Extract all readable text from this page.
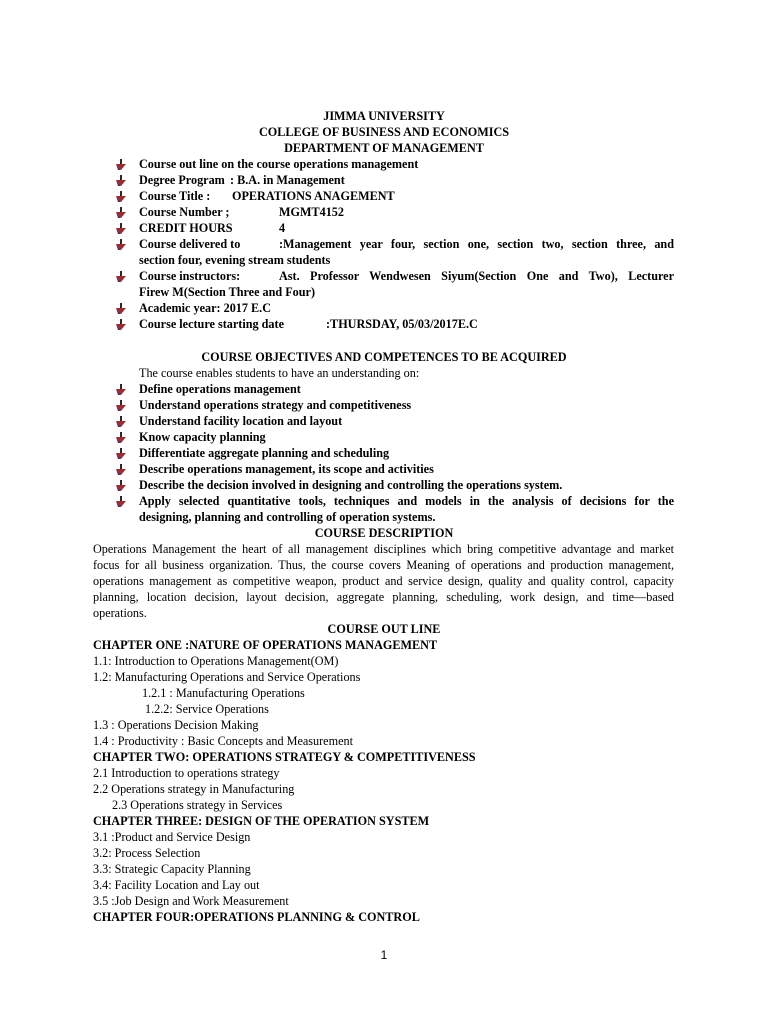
JIMMA UNIVERSITY
COLLEGE OF BUSINESS AND ECONOMICS
DEPARTMENT OF MANAGEMENT
Course out line on the course operations management
Degree Program : B.A. in Management
Course Title : OPERATIONS ANAGEMENT
Course Number ;	MGMT4152
CREDIT HOURS	4
Course delivered to	:Management year four, section one, section two, section three, and
section four, evening stream students
Course instructors:	Ast. Professor Wendwesen Siyum(Section One and Two), Lecturer
Firew M(Section Three and Four)
Academic year: 2017 E.C
Course lecture starting date	:THURSDAY, 05/03/2017E.C
COURSE OBJECTIVES AND COMPETENCES TO BE ACQUIRED
The course enables students to have an understanding on:
Define operations management
Understand operations strategy and competitiveness
Understand facility location and layout
Know capacity planning
Differentiate aggregate planning and scheduling
Describe operations management, its scope and activities
Describe the decision involved in designing and controlling the operations system.
Apply selected quantitative tools, techniques and models in the analysis of decisions for the
designing, planning and controlling of operation systems.
COURSE DESCRIPTION
Operations Management the heart of all management disciplines which bring competitive advantage and market
focus for all business organization. Thus, the course covers Meaning of operations and production management,
operations management as competitive weapon, product and service design, quality and quality control, capacity
planning, location decision, layout decision, aggregate planning, scheduling, work design, and time—based
operations.
COURSE OUT LINE
CHAPTER ONE :NATURE OF OPERATIONS MANAGEMENT
1.1: Introduction to Operations Management(OM)
1.2: Manufacturing Operations and Service Operations
1.2.1 : Manufacturing Operations
1.2.2: Service Operations
1.3 : Operations Decision Making
1.4 : Productivity : Basic Concepts and Measurement
CHAPTER TWO: OPERATIONS STRATEGY & COMPETITIVENESS
2.1 Introduction to operations strategy
2.2 Operations strategy in Manufacturing
2.3 Operations strategy in Services
CHAPTER THREE: DESIGN OF THE OPERATION SYSTEM
3.1 :Product and Service Design
3.2: Process Selection
3.3: Strategic Capacity Planning
3.4: Facility Location and Lay out
3.5 :Job Design and Work Measurement
CHAPTER FOUR:OPERATIONS PLANNING & CONTROL
1
